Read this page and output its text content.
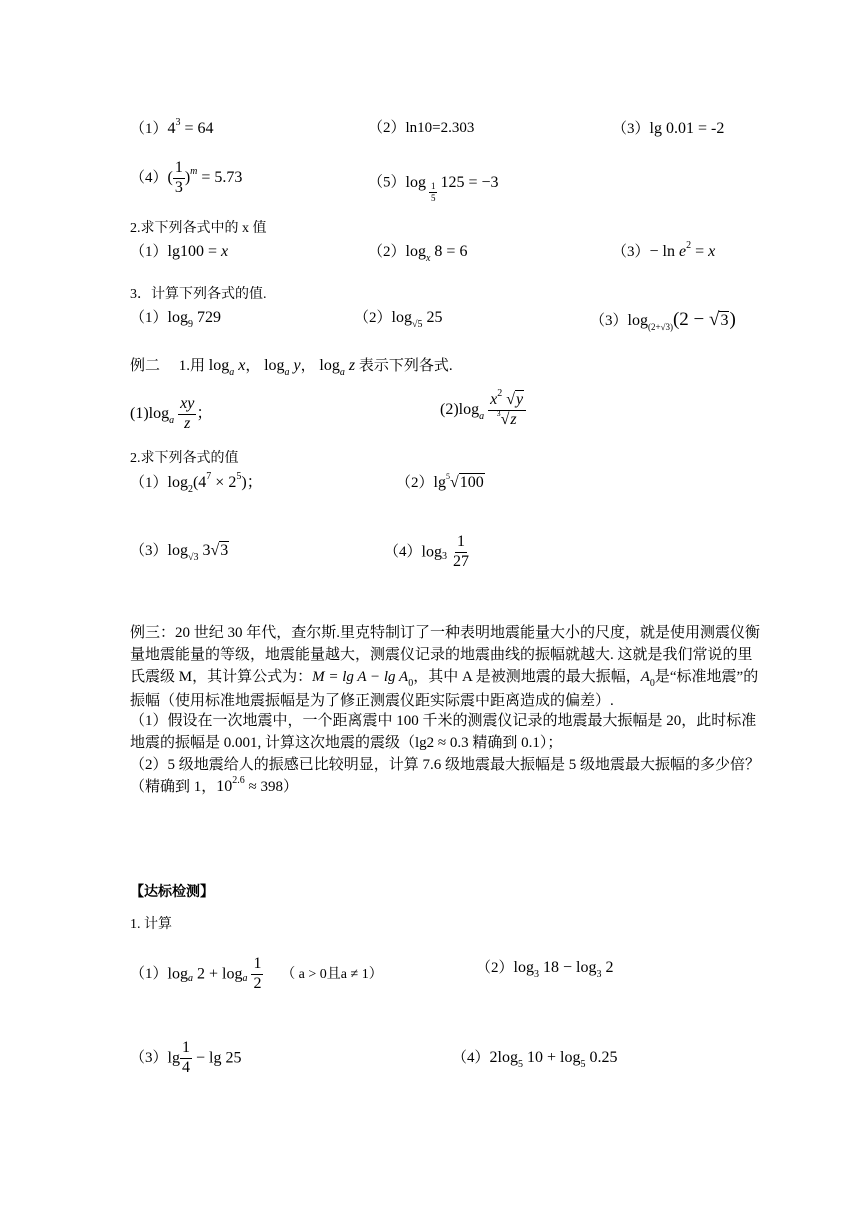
$(1)4^3 = 64$	（2）ln10=2.303	（3）lg 0.01 = -2
$(4)( \frac{1}{3} )^m = 5.73$	$(5)\log \frac{1}{5} 125 = -3$
2.求下列各式中的 x 值
（1）lg100 = x	$(2)\log_x$ 8 = 6	$(3)- \ln e^2 = x$
3．计算下列各式的值.
$(1)\log_9$ 729	$(2)\log_{√5}$ 25	$(3)\log_{(2+√3)}(2 - √3)$
例二　 1.用 $\log_a x$， $\log_a y$， $\log_a z$ 表示下列各式.
$(1)\log_a \frac{xy}{z}$ ；	$(2)\log_a \frac{x^2 √y}{^3√z}$
2.求下列各式的值
$(1)\log_2(4^7 \times 2^5)$；	$(2)\lg^5√100$
$(3)\log_{√3}$ 3√3	$(4)\log_3 \frac{1}{27}$
例三：20 世纪 30 年代，查尔斯.里克特制订了一种表明地震能量大小的尺度，就是使用测震仪衡量地震能量的等级，地震能量越大，测震仪记录的地震曲线的振幅就越大. 这就是我们常说的里氏震级 M，其计算公式为：$M = \lg A - \lg A_0$，其中 A 是被测地震的最大振幅，$A_0$是“标准地震”的振幅（使用标准地震振幅是为了修正测震仪距实际震中距离造成的偏差）.
（1）假设在一次地震中，一个距离震中 100 千米的测震仪记录的地震最大振幅是 20，此时标准地震的振幅是 0.001, 计算这次地震的震级（lg2 ≈ 0.3 精确到 0.1）；
（2）5 级地震给人的振感已比较明显，计算 7.6 级地震最大振幅是 5 级地震最大振幅的多少倍？（精确到 1，$10^{2.6} \approx 398$）
【达标检测】
1. 计算
$(1)\log_a$ $2 + \log_a \frac{1}{2}$ （ a > 0且a ≠ 1）	$(2)\log_3$ $18 - \log_3 2$
$(3)\lg \frac{1}{4} - \lg 25$	$(4)2\log_5$ $10 + \log_5 0.25$
